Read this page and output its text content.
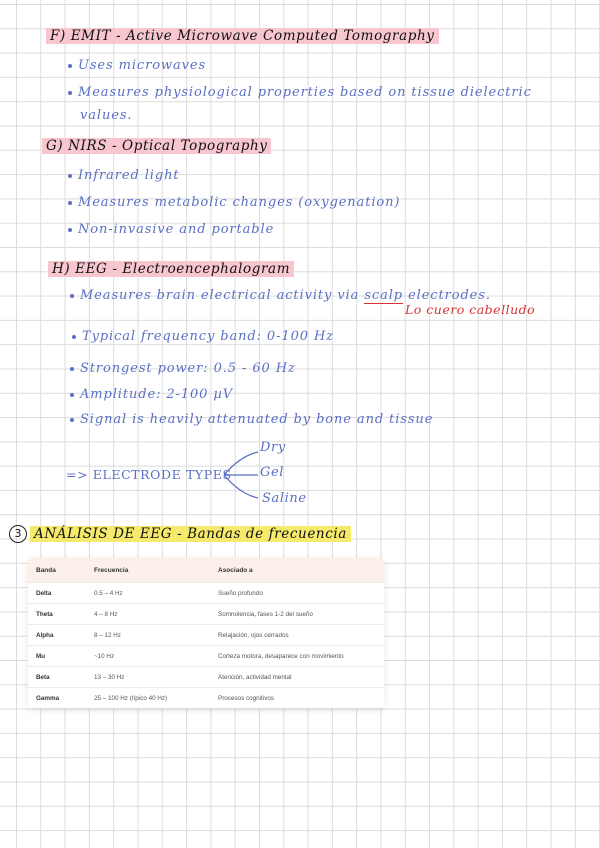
F) EMIT - Active Microwave Computed Tomography
Uses microwaves
Measures physiological properties based on tissue dielectric
values.
G) NIRS - Optical Topography
Infrared light
Measures metabolic changes (oxygenation)
Non-invasive and portable
H) EEG - Electroencephalogram
Measures brain electrical activity via scalp electrodes.
Lo cuero cabelludo
Typical frequency band: 0-100 Hz
Strongest power: 0.5 - 60 Hz
Amplitude: 2-100 µV
Signal is heavily attenuated by bone and tissue
=> ELECTRODE TYPES
Dry
Gel
Saline
3 ANÁLISIS DE EEG - Bandas de frecuencia
Banda	Frecuencia	Asociado a
Delta	0.5 – 4 Hz	Sueño profundo
Theta	4 – 8 Hz	Somnolencia, fases 1-2 del sueño
Alpha	8 – 12 Hz	Relajación, ojos cerrados
Mu	~10 Hz	Corteza motora, desaparece con movimiento
Beta	13 – 30 Hz	Atención, actividad mental
Gamma	25 – 100 Hz (típico 40 Hz)	Procesos cognitivos
